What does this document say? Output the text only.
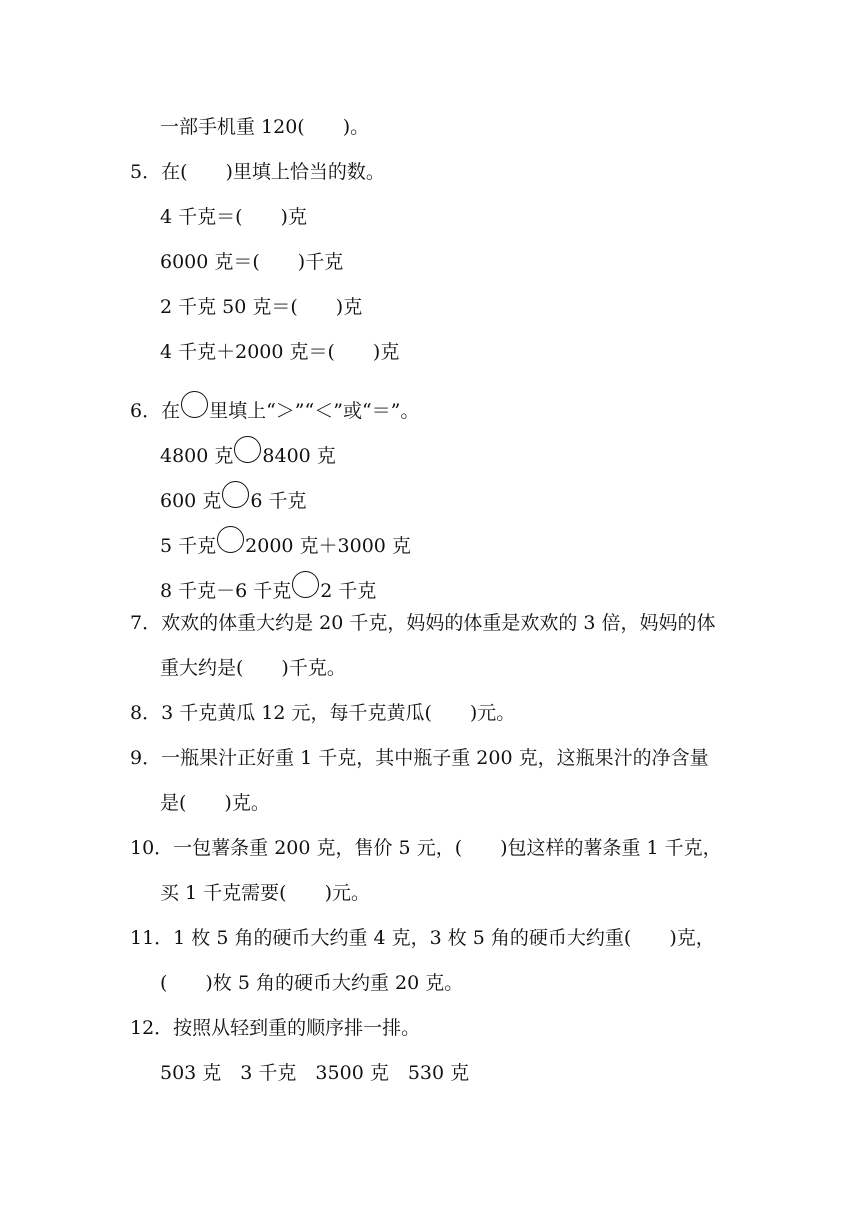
一部手机重 120(　　)。
5．在(　　)里填上恰当的数。
4 千克＝(　　)克
6000 克＝(　　)千克
2 千克 50 克＝(　　)克
4 千克＋2000 克＝(　　)克
6．在 里填上“＞”“＜”或“＝”。
4800 克 8400 克
600 克 6 千克
5 千克 2000 克＋3000 克
8 千克－6 千克 2 千克
7．欢欢的体重大约是 20 千克，妈妈的体重是欢欢的 3 倍，妈妈的体
重大约是(　　)千克。
8．3 千克黄瓜 12 元，每千克黄瓜(　　)元。
9．一瓶果汁正好重 1 千克，其中瓶子重 200 克，这瓶果汁的净含量
是(　　)克。
10．一包薯条重 200 克，售价 5 元，(　　)包这样的薯条重 1 千克，
买 1 千克需要(　　)元。
11．1 枚 5 角的硬币大约重 4 克，3 枚 5 角的硬币大约重(　　)克，
(　　)枚 5 角的硬币大约重 20 克。
12．按照从轻到重的顺序排一排。
503 克　3 千克　3500 克　530 克
